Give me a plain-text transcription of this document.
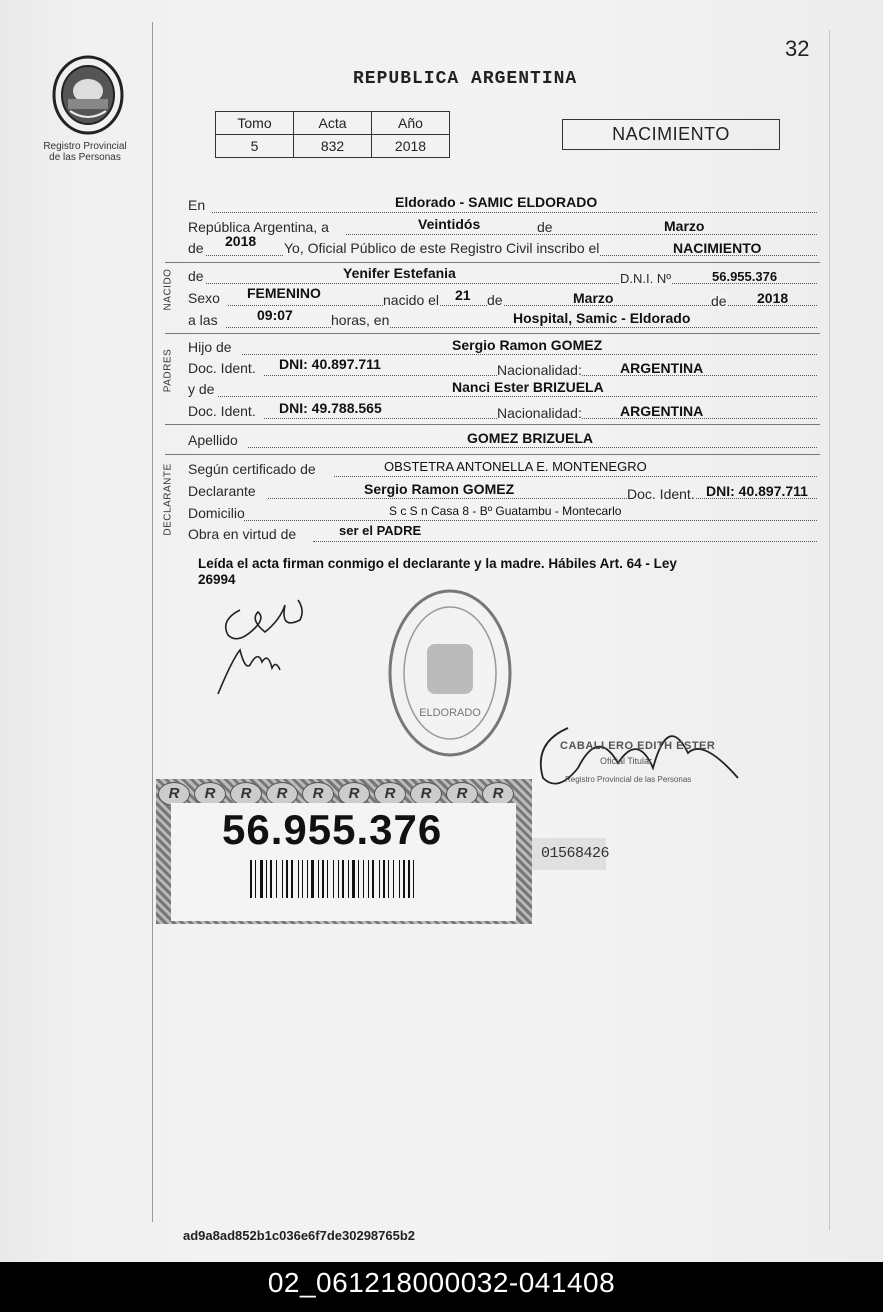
Registro Provincial
de las Personas
32
REPUBLICA ARGENTINA
Tomo	Acta	Año
5	832	2018
NACIMIENTO
En	Eldorado - SAMIC ELDORADO
República Argentina, a	Veintidós	de	Marzo
de 2018 Yo, Oficial Público de este Registro Civil inscribo el	NACIMIENTO
NACIDO de	Yenifer Estefania	D.N.I. Nº	56.955.376
Sexo FEMENINO	nacido el 21 de	Marzo	de 2018
a las	09:07	horas, en	Hospital, Samic - Eldorado
PADRES
Hijo de	Sergio Ramon GOMEZ
Doc. Ident. DNI: 40.897.711	Nacionalidad:	ARGENTINA
y de	Nanci Ester BRIZUELA
Doc. Ident. DNI: 49.788.565	Nacionalidad:	ARGENTINA
Apellido	GOMEZ BRIZUELA
DECLARANTE Según certificado de	OBSTETRA ANTONELLA E. MONTENEGRO
Declarante	Sergio Ramon GOMEZ	Doc. Ident. DNI: 40.897.711
Domicilio	S c S n Casa 8 - Bº Guatambu - Montecarlo
Obra en virtud de	ser el PADRE
Leída el acta firman conmigo el declarante y la madre. Hábiles Art. 64 - Ley
26994
ELDORADO
CABALLERO EDITH ESTER
Oficial Titular
Registro Provincial de las Personas
R	R	R	R	R	R	R	R	R	R
56.955.376
01568426
ad9a8ad852b1c036e6f7de30298765b2
02_061218000032-041408
